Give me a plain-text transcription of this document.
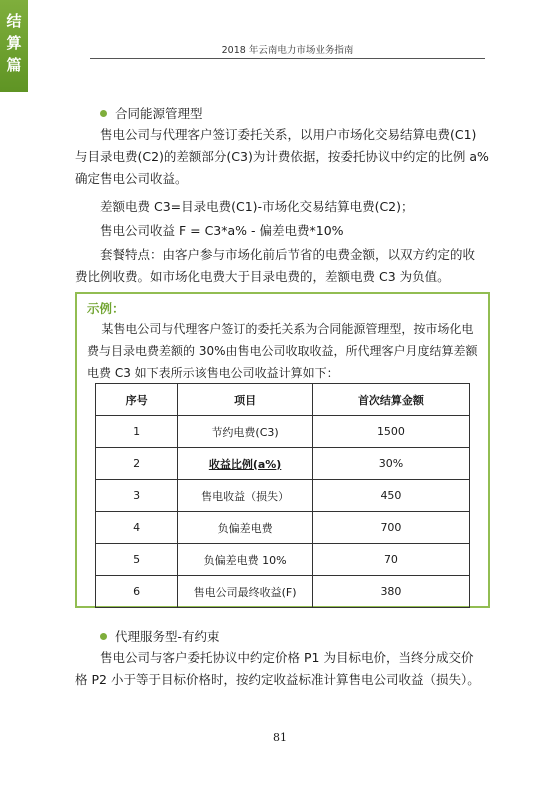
结
算
篇
2018 年云南电力市场业务指南
合同能源管理型
售电公司与代理客户签订委托关系，以用户市场化交易结算电费(C1)
与目录电费(C2)的差额部分(C3)为计费依据，按委托协议中约定的比例 a%
确定售电公司收益。
差额电费 C3=目录电费(C1)-市场化交易结算电费(C2)；
售电公司收益 F = C3*a% - 偏差电费*10%
套餐特点：由客户参与市场化前后节省的电费金额，以双方约定的收
费比例收费。如市场化电费大于目录电费的，差额电费 C3 为负值。
示例：
某售电公司与代理客户签订的委托关系为合同能源管理型，按市场化电费与目录电费差额的 30%由售电公司收取收益，所代理客户月度结算差额电费 C3 如下表所示该售电公司收益计算如下：
序号	项目	首次结算金额
1	节约电费(C3)	1500
2	收益比例(a%)	30%
3	售电收益（损失）	450
4	负偏差电费	700
5	负偏差电费 10%	70
6	售电公司最终收益(F)	380
代理服务型-有约束
售电公司与客户委托协议中约定价格 P1 为目标电价，当终分成交价
格 P2 小于等于目标价格时，按约定收益标准计算售电公司收益（损失）。
81
